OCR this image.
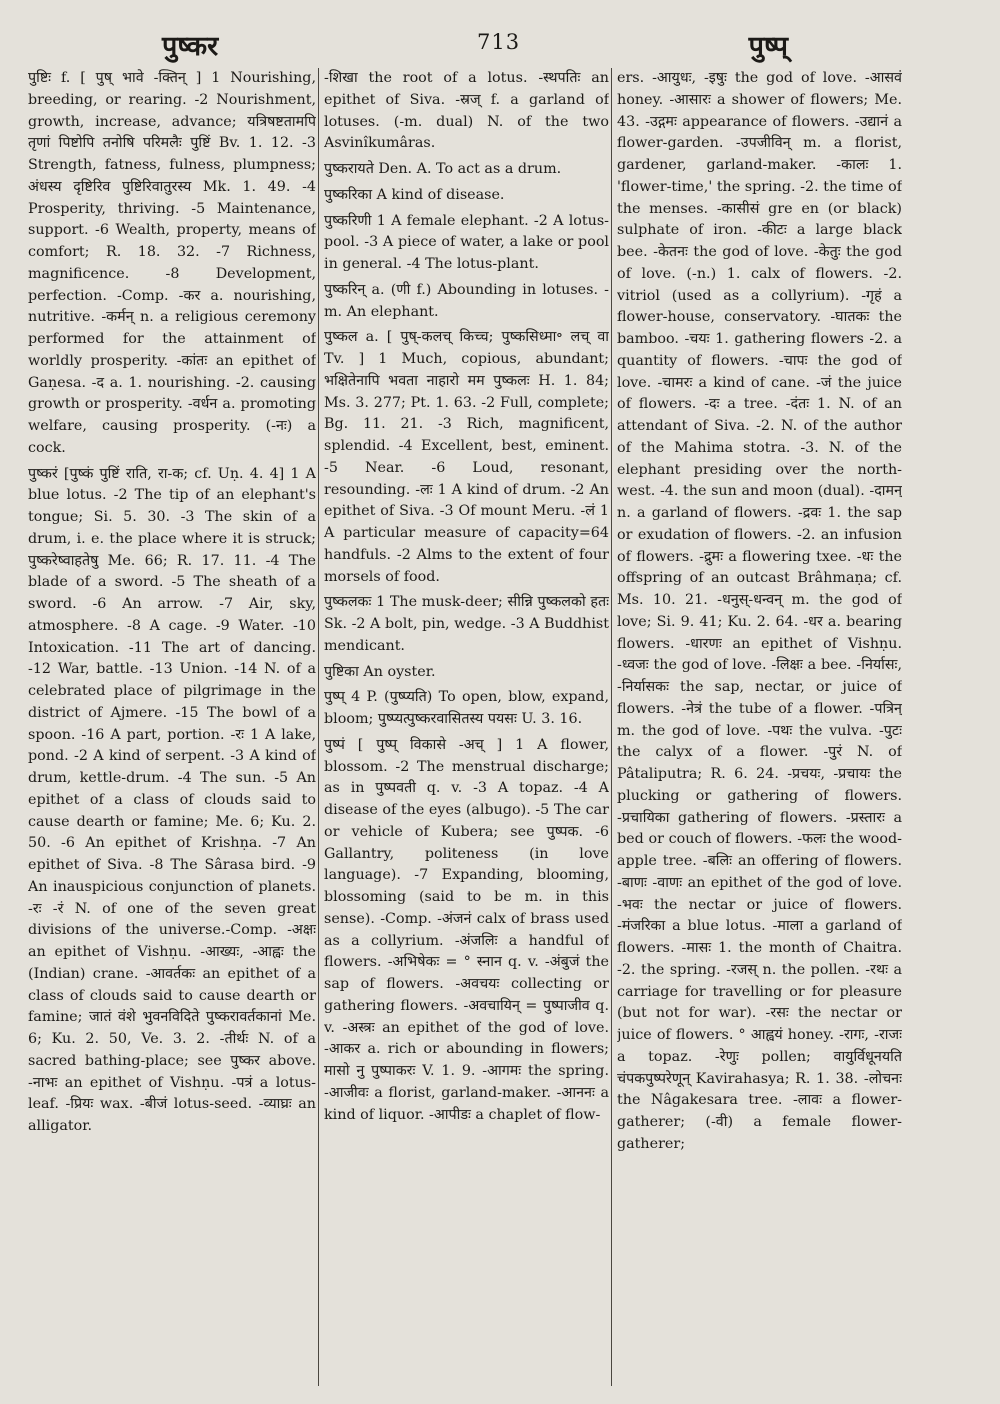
पुष्कर	713	पुष्प्

पुष्टिः f. [ पुष् भावे -क्तिन् ] 1 Nourishing, breeding, or rearing. -2 Nourishment, growth, increase, advance; यत्रिषष्टतामपि तृणां पिष्टोपि तनोषि परिमलैः पुष्टिं Bv. 1. 12. -3 Strength, fatness, fulness, plumpness; अंधस्य दृष्टिरिव पुष्टिरिवातुरस्य Mk. 1. 49. -4 Prosperity, thriving. -5 Maintenance, support. -6 Wealth, property, means of comfort; R. 18. 32. -7 Richness, magnificence. -8 Development, perfection. -Comp. -कर a. nourishing, nutritive. -कर्मन् n. a religious ceremony performed for the attainment of worldly prosperity. -कांतः an epithet of Gaṇesa. -द a. 1. nourishing. -2. causing growth or prosperity. -वर्धन a. promoting welfare, causing prosperity. (-नः) a cock.

पुष्करं [पुष्कं पुष्टिं राति, रा-क; cf. Uṇ. 4. 4] 1 A blue lotus. -2 The tip of an elephant's tongue; Si. 5. 30. -3 The skin of a drum, i. e. the place where it is struck; पुष्करेष्वाहतेषु Me. 66; R. 17. 11. -4 The blade of a sword. -5 The sheath of a sword. -6 An arrow. -7 Air, sky, atmosphere. -8 A cage. -9 Water. -10 Intoxication. -11 The art of dancing. -12 War, battle. -13 Union. -14 N. of a celebrated place of pilgrimage in the district of Ajmere. -15 The bowl of a spoon. -16 A part, portion. -रः 1 A lake, pond. -2 A kind of serpent. -3 A kind of drum, kettle-drum. -4 The sun. -5 An epithet of a class of clouds said to cause dearth or famine; Me. 6; Ku. 2. 50. -6 An epithet of Krishṇa. -7 An epithet of Siva. -8 The Sârasa bird. -9 An inauspicious conjunction of planets. -रः -रं N. of one of the seven great divisions of the universe.-Comp. -अक्षः an epithet of Vishṇu. -आख्यः, -आह्वः the (Indian) crane. -आवर्तकः an epithet of a class of clouds said to cause dearth or famine; जातं वंशे भुवनविदिते पुष्करावर्तकानां Me. 6; Ku. 2. 50, Ve. 3. 2. -तीर्थः N. of a sacred bathing-place; see पुष्कर above. -नाभः an epithet of Vishṇu. -पत्रं a lotus-leaf. -प्रियः wax. -बीजं lotus-seed. -व्याघ्रः an alligator.

-शिखा the root of a lotus. -स्थपतिः an epithet of Siva. -स्रज् f. a garland of lotuses. (-m. dual) N. of the two Asvinîkumâras.

पुष्करायते Den. A. To act as a drum.

पुष्करिका A kind of disease.

पुष्करिणी 1 A female elephant. -2 A lotus-pool. -3 A piece of water, a lake or pool in general. -4 The lotus-plant.

पुष्करिन् a. (णी f.) Abounding in lotuses. -m. An elephant.

पुष्कल a. [ पुष्-कलच् किच्च; पुष्कसिध्मा॰ लच् वा Tv. ] 1 Much, copious, abundant; भक्षितेनापि भवता नाहारो मम पुष्कलः H. 1. 84; Ms. 3. 277; Pt. 1. 63. -2 Full, complete; Bg. 11. 21. -3 Rich, magnificent, splendid. -4 Excellent, best, eminent. -5 Near. -6 Loud, resonant, resounding. -लः 1 A kind of drum. -2 An epithet of Siva. -3 Of mount Meru. -लं 1 A particular measure of capacity=64 handfuls. -2 Alms to the extent of four morsels of food.

पुष्कलकः 1 The musk-deer; सीन्नि पुष्कलको हतः Sk. -2 A bolt, pin, wedge. -3 A Buddhist mendicant.

पुष्टिका An oyster.

पुष्प् 4 P. (पुष्प्यति) To open, blow, expand, bloom; पुष्प्यत्पुष्करवासितस्य पयसः U. 3. 16.

पुष्पं [ पुष्प् विकासे -अच् ] 1 A flower, blossom. -2 The menstrual discharge; as in पुष्पवती q. v. -3 A topaz. -4 A disease of the eyes (albugo). -5 The car or vehicle of Kubera; see पुष्पक. -6 Gallantry, politeness (in love language). -7 Expanding, blooming, blossoming (said to be m. in this sense). -Comp. -अंजनं calx of brass used as a collyrium. -अंजलिः a handful of flowers. -अभिषेकः = ° स्नान q. v. -अंबुजं the sap of flowers. -अवचयः collecting or gathering flowers. -अवचायिन् = पुष्पाजीव q. v. -अस्त्रः an epithet of the god of love. -आकर a. rich or abounding in flowers; मासो नु पुष्पाकरः V. 1. 9. -आगमः the spring. -आजीवः a florist, garland-maker. -आननः a kind of liquor. -आपीडः a chaplet of flow-

ers. -आयुधः, -इषुः the god of love. -आसवं honey. -आसारः a shower of flowers; Me. 43. -उद्गमः appearance of flowers. -उद्यानं a flower-garden. -उपजीविन् m. a florist, gardener, garland-maker. -कालः 1. 'flower-time,' the spring. -2. the time of the menses. -कासीसं gre en (or black) sulphate of iron. -कीटः a large black bee. -केतनः the god of love. -केतुः the god of love. (-n.) 1. calx of flowers. -2. vitriol (used as a collyrium). -गृहं a flower-house, conservatory. -घातकः the bamboo. -चयः 1. gathering flowers -2. a quantity of flowers. -चापः the god of love. -चामरः a kind of cane. -जं the juice of flowers. -दः a tree. -दंतः 1. N. of an attendant of Siva. -2. N. of the author of the Mahima stotra. -3. N. of the elephant presiding over the north-west. -4. the sun and moon (dual). -दामन् n. a garland of flowers. -द्रवः 1. the sap or exudation of flowers. -2. an infusion of flowers. -द्रुमः a flowering txee. -धः the offspring of an outcast Brâhmaṇa; cf. Ms. 10. 21. -धनुस्-धन्वन् m. the god of love; Si. 9. 41; Ku. 2. 64. -धर a. bearing flowers. -धारणः an epithet of Vishṇu. -ध्वजः the god of love. -लिक्षः a bee. -निर्यासः, -निर्यासकः the sap, nectar, or juice of flowers. -नेत्रं the tube of a flower. -पत्रिन् m. the god of love. -पथः the vulva. -पुटः the calyx of a flower. -पुरं N. of Pâtaliputra; R. 6. 24. -प्रचयः, -प्रचायः the plucking or gathering of flowers. -प्रचायिका gathering of flowers. -प्रस्तारः a bed or couch of flowers. -फलः the wood-apple tree. -बलिः an offering of flowers. -बाणः -वाणः an epithet of the god of love. -भवः the nectar or juice of flowers. -मंजरिका a blue lotus. -माला a garland of flowers. -मासः 1. the month of Chaitra. -2. the spring. -रजस् n. the pollen. -रथः a carriage for travelling or for pleasure (but not for war). -रसः the nectar or juice of flowers. ° आह्वयं honey. -रागः, -राजः a topaz. -रेणुः pollen; वायुर्विधूनयति चंपकपुष्परेणून् Kavirahasya; R. 1. 38. -लोचनः the Nâgakesara tree. -लावः a flower-gatherer; (-वी) a female flower-gatherer;
